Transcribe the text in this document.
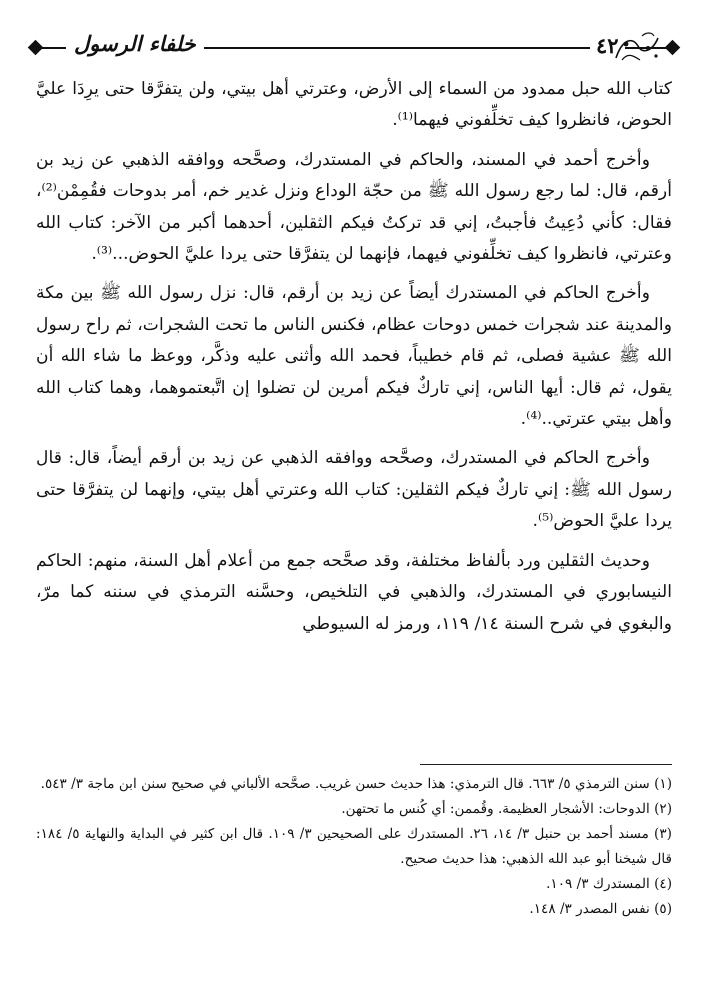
خلفاء الرسول	٤٢

كتاب الله حبل ممدود من السماء إلى الأرض، وعترتي أهل بيتي، ولن يتفرَّقا حتى يرِدَا عليَّ الحوض، فانظروا كيف تخلِّفوني فيهما⁽¹⁾.

وأخرج أحمد في المسند، والحاكم في المستدرك، وصحَّحه ووافقه الذهبي عن زيد بن أرقم، قال: لما رجع رسول الله ﷺ من حجّة الوداع ونزل غدير خم، أمر بدوحات فقُمِمْن⁽²⁾، فقال: كأني دُعِيتُ فأجبتُ، إني قد تركتُ فيكم الثقلين، أحدهما أكبر من الآخر: كتاب الله وعترتي، فانظروا كيف تخلِّفوني فيهما، فإنهما لن يتفرَّقا حتى يردا عليَّ الحوض...⁽³⁾.

وأخرج الحاكم في المستدرك أيضاً عن زيد بن أرقم، قال: نزل رسول الله ﷺ بين مكة والمدينة عند شجرات خمس دوحات عظام، فكنس الناس ما تحت الشجرات، ثم راح رسول الله ﷺ عشية فصلى، ثم قام خطيباً، فحمد الله وأثنى عليه وذكَّر، ووعظ ما شاء الله أن يقول، ثم قال: أيها الناس، إني تاركٌ فيكم أمرين لن تضلوا إن اتَّبعتموهما، وهما كتاب الله وأهل بيتي عترتي..⁽⁴⁾.

وأخرج الحاكم في المستدرك، وصحَّحه ووافقه الذهبي عن زيد بن أرقم أيضاً، قال: قال رسول الله ﷺ: إني تاركٌ فيكم الثقلين: كتاب الله وعترتي أهل بيتي، وإنهما لن يتفرَّقا حتى يردا عليَّ الحوض⁽⁵⁾.

وحديث الثقلين ورد بألفاظ مختلفة، وقد صحَّحه جمع من أعلام أهل السنة، منهم: الحاكم النيسابوري في المستدرك، والذهبي في التلخيص، وحسَّنه الترمذي في سننه كما مرّ، والبغوي في شرح السنة ١٤/ ١١٩، ورمز له السيوطي

(١) سنن الترمذي ٥/ ٦٦٣. قال الترمذي: هذا حديث حسن غريب. صحَّحه الألباني في صحيح سنن ابن ماجة ٣/ ٥٤٣.

(٢) الدوحات: الأشجار العظيمة. وقُممن: أي كُنس ما تحتهن.

(٣) مسند أحمد بن حنبل ٣/ ١٤، ٢٦. المستدرك على الصحيحين ٣/ ١٠٩. قال ابن كثير في البداية والنهاية ٥/ ١٨٤: قال شيخنا أبو عبد الله الذهبي: هذا حديث صحيح.

(٤) المستدرك ٣/ ١٠٩.

(٥) نفس المصدر ٣/ ١٤٨.
